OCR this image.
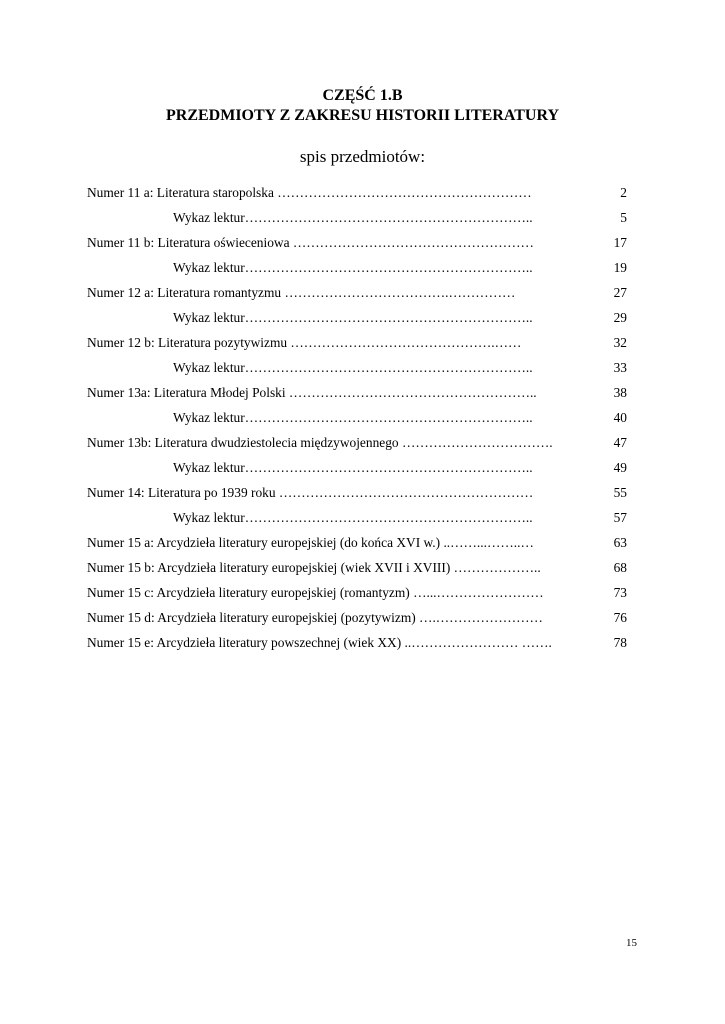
CZĘŚĆ 1.B
PRZEDMIOTY Z ZAKRESU HISTORII LITERATURY
spis przedmiotów:
Numer 11 a: Literatura staropolska …………………………………………………	2
Wykaz lektur………………………………………………………..	5
Numer 11 b: Literatura oświeceniowa ………………………………………………	17
Wykaz lektur………………………………………………………..	19
Numer 12 a: Literatura romantyzmu ……………………………….……………	27
Wykaz lektur………………………………………………………..	29
Numer 12 b: Literatura pozytywizmu ……………………………………….……	32
Wykaz lektur………………………………………………………..	33
Numer 13a: Literatura Młodej Polski ………………………………………………..	38
Wykaz lektur………………………………………………………..	40
Numer 13b: Literatura dwudziestolecia międzywojennego …………………………….	47
Wykaz lektur………………………………………………………..	49
Numer 14: Literatura po 1939 roku …………………………………………………	55
Wykaz lektur………………………………………………………..	57
Numer 15 a: Arcydzieła literatury europejskiej (do końca XVI w.) ..……...……..…	63
Numer 15 b: Arcydzieła literatury europejskiej (wiek XVII i XVIII) ………………..	68
Numer 15 c: Arcydzieła literatury europejskiej (romantyzm) …...……………………	73
Numer 15 d: Arcydzieła literatury europejskiej (pozytywizm) ….……………………	76
Numer 15 e: Arcydzieła literatury powszechnej (wiek XX) ..…………………… …….	78
15
